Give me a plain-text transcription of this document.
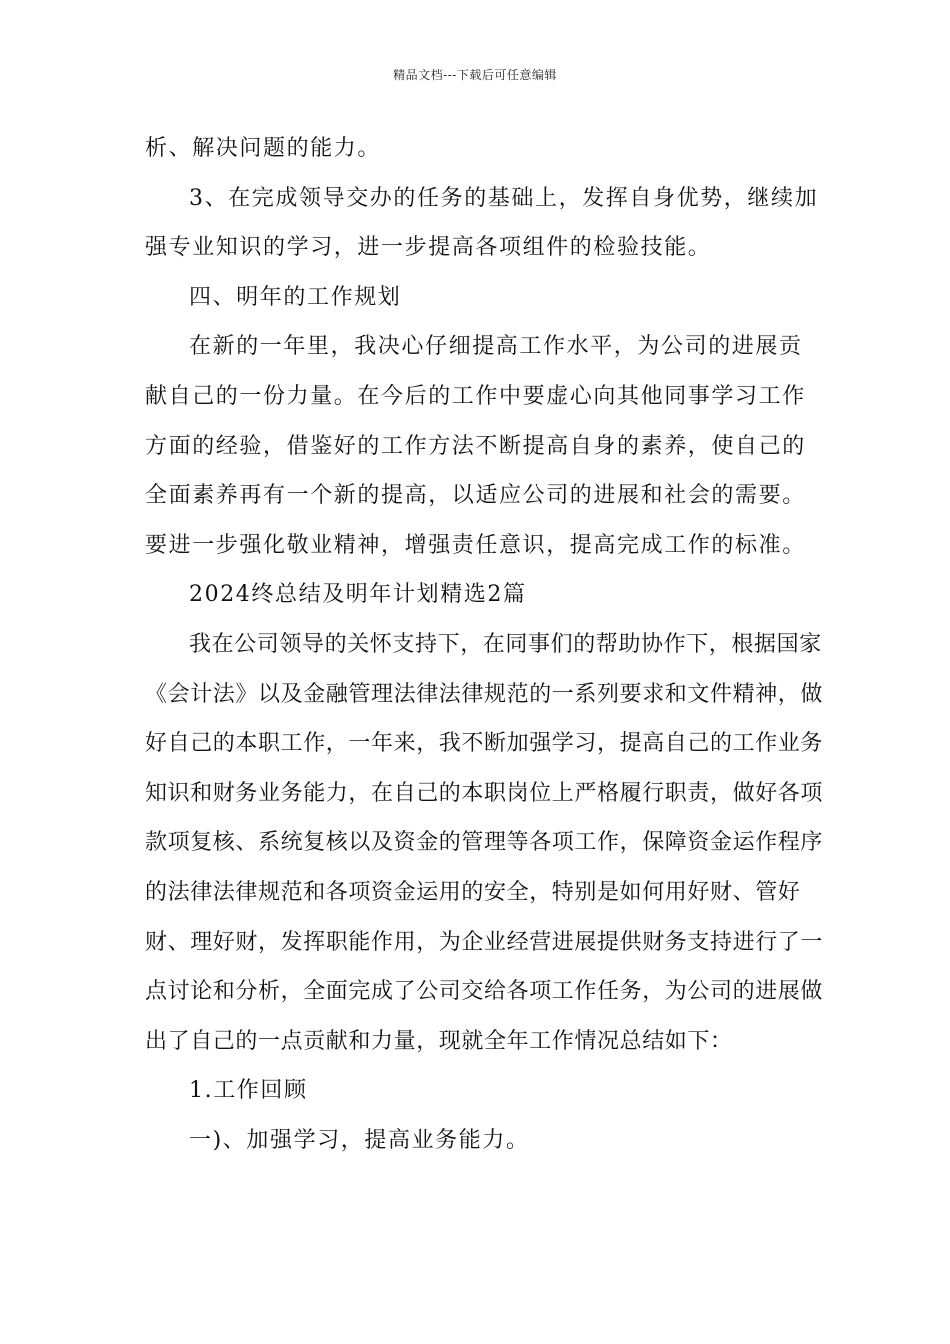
精品文档---下载后可任意编辑

析、解决问题的能力。

3、在完成领导交办的任务的基础上，发挥自身优势，继续加强专业知识的学习，进一步提高各项组件的检验技能。

四、明年的工作规划

在新的一年里，我决心仔细提高工作水平，为公司的进展贡献自己的一份力量。在今后的工作中要虚心向其他同事学习工作方面的经验，借鉴好的工作方法不断提高自身的素养，使自己的全面素养再有一个新的提高，以适应公司的进展和社会的需要。要进一步强化敬业精神，增强责任意识，提高完成工作的标准。

2024终总结及明年计划精选2篇

我在公司领导的关怀支持下，在同事们的帮助协作下，根据国家《会计法》以及金融管理法律法律规范的一系列要求和文件精神，做好自己的本职工作，一年来，我不断加强学习，提高自己的工作业务知识和财务业务能力，在自己的本职岗位上严格履行职责，做好各项款项复核、系统复核以及资金的管理等各项工作，保障资金运作程序的法律法律规范和各项资金运用的安全，特别是如何用好财、管好财、理好财，发挥职能作用，为企业经营进展提供财务支持进行了一点讨论和分析，全面完成了公司交给各项工作任务，为公司的进展做出了自己的一点贡献和力量，现就全年工作情况总结如下：

1.工作回顾

一)、加强学习，提高业务能力。
